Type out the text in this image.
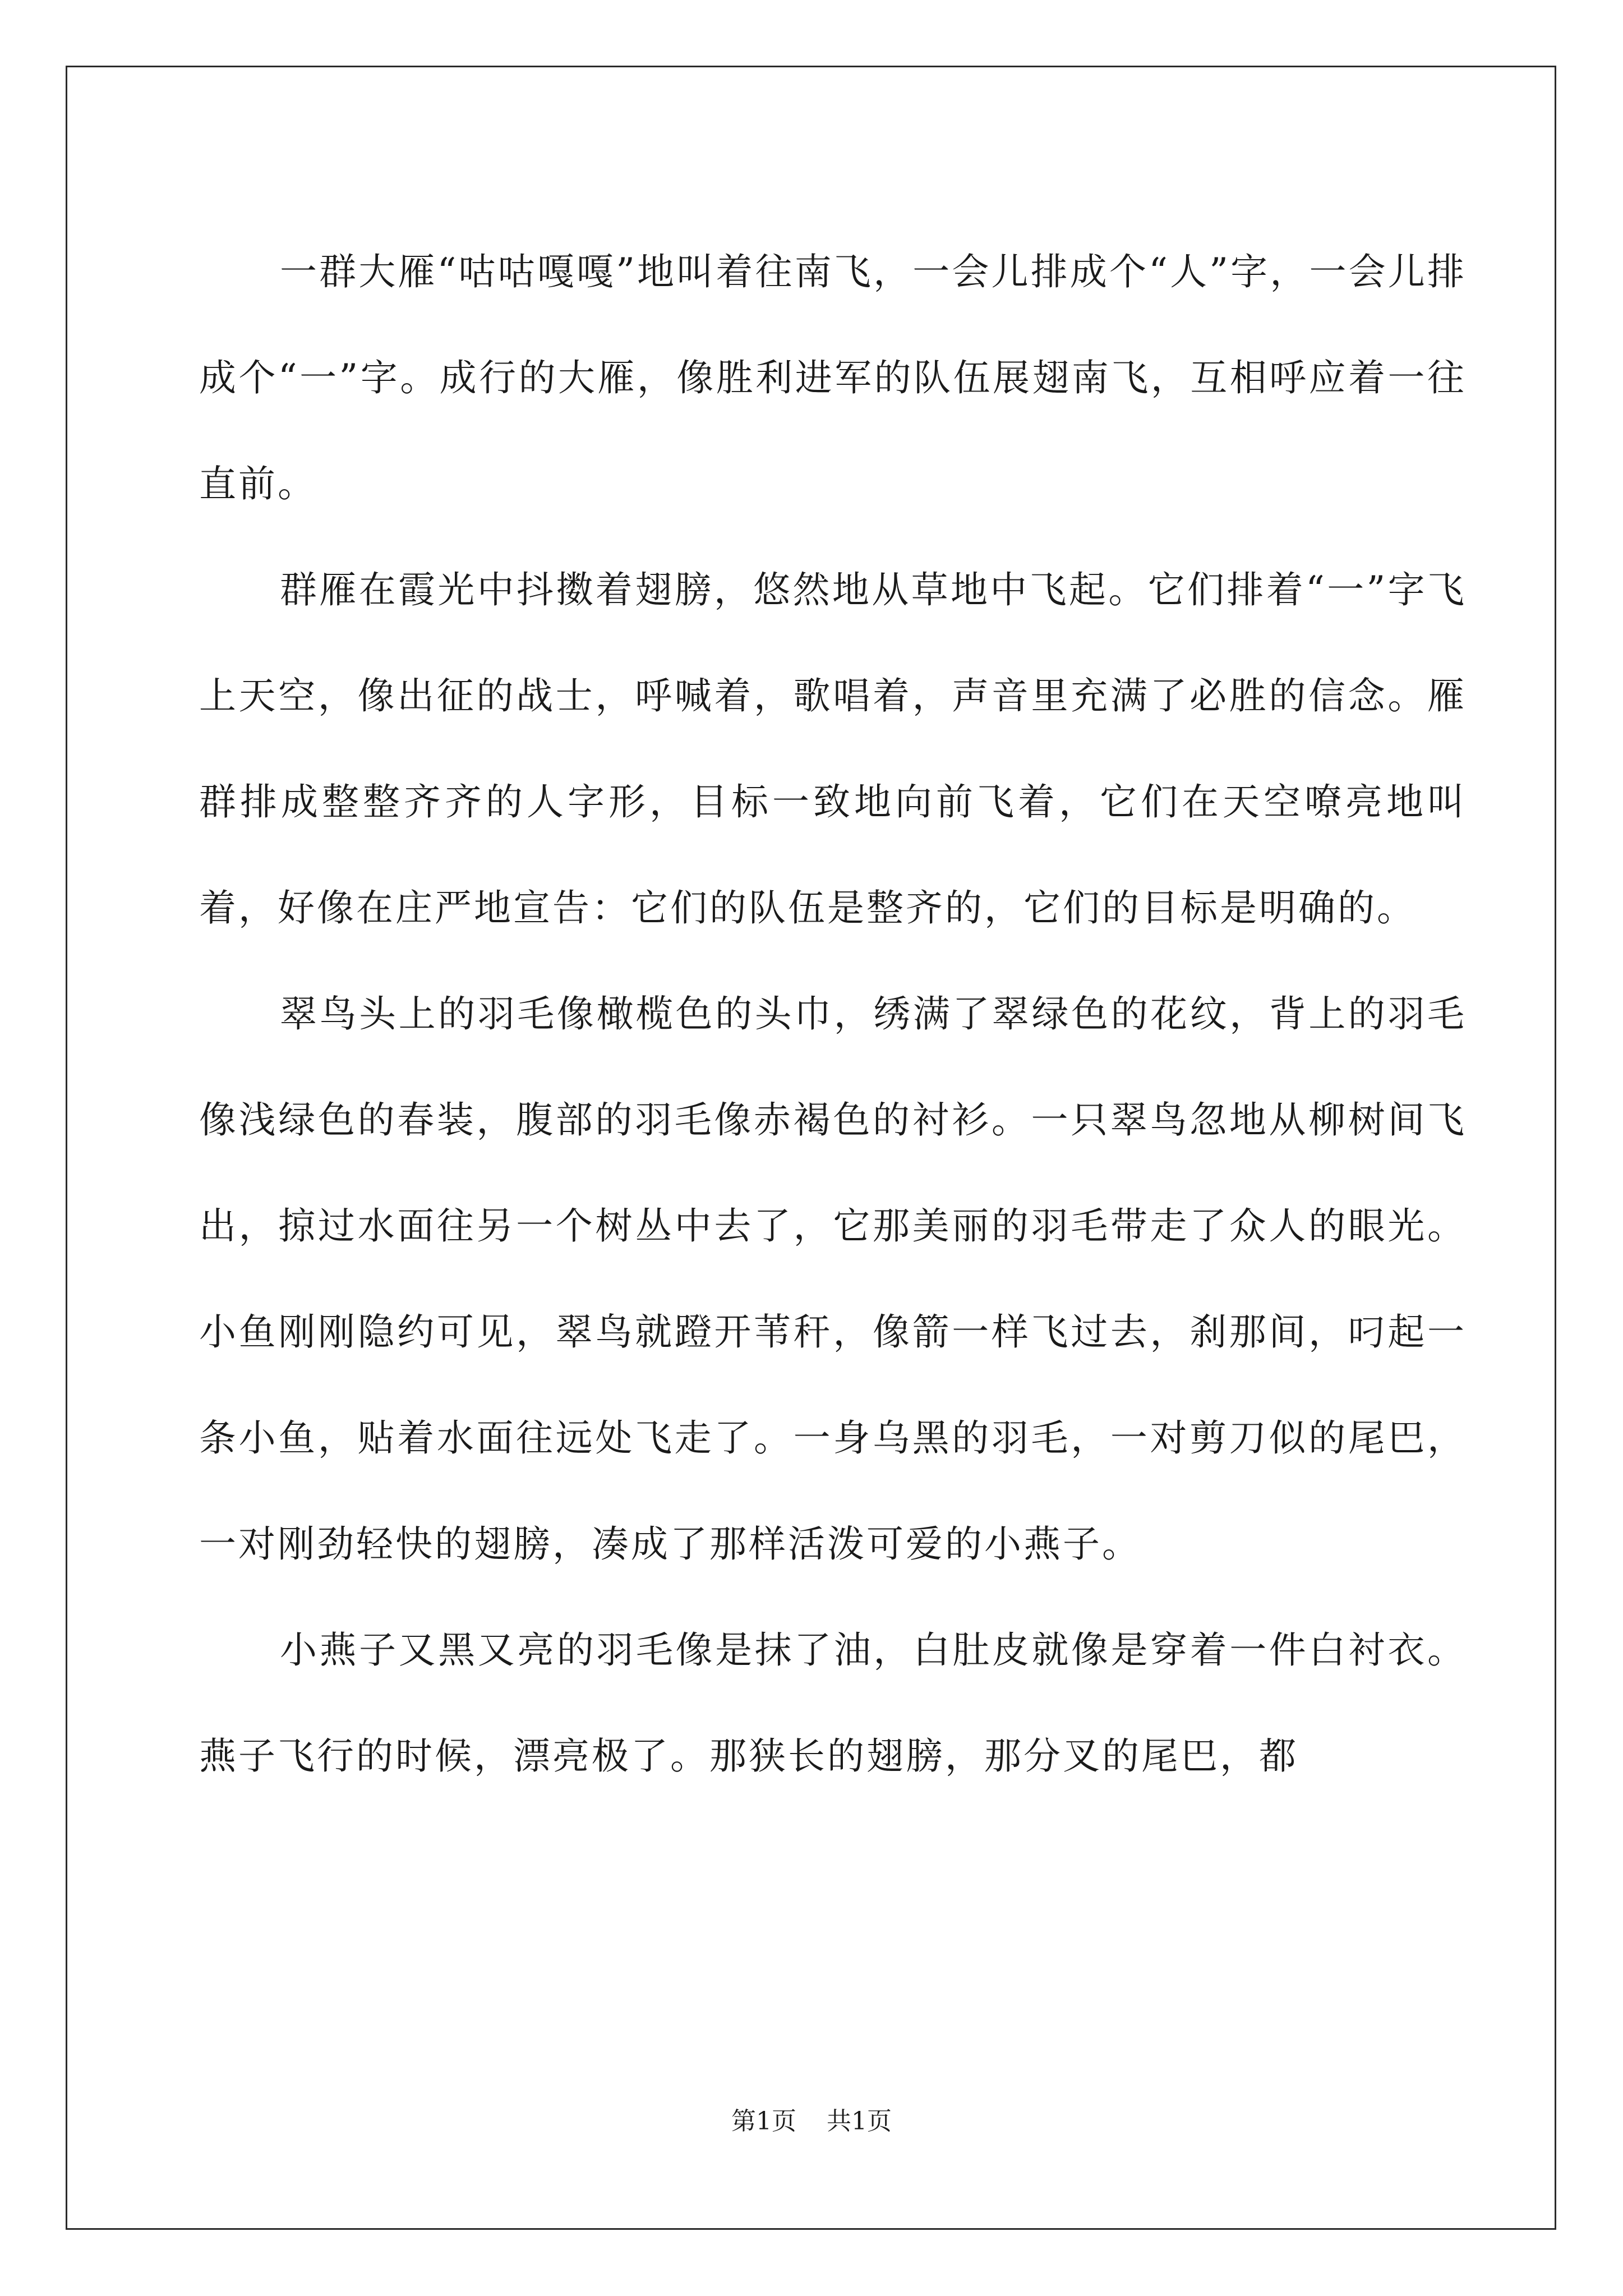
一群大雁“咕咕嘎嘎”地叫着往南飞，一会儿排成个“人”字，一会儿排成个“一”字。成行的大雁，像胜利进军的队伍展翅南飞，互相呼应着一往直前。

群雁在霞光中抖擞着翅膀，悠然地从草地中飞起。它们排着“一”字飞上天空，像出征的战士，呼喊着，歌唱着，声音里充满了必胜的信念。雁群排成整整齐齐的人字形，目标一致地向前飞着，它们在天空嘹亮地叫着，好像在庄严地宣告：它们的队伍是整齐的，它们的目标是明确的。

翠鸟头上的羽毛像橄榄色的头巾，绣满了翠绿色的花纹，背上的羽毛像浅绿色的春装，腹部的羽毛像赤褐色的衬衫。一只翠鸟忽地从柳树间飞出，掠过水面往另一个树丛中去了，它那美丽的羽毛带走了众人的眼光。小鱼刚刚隐约可见，翠鸟就蹬开苇秆，像箭一样飞过去，刹那间，叼起一条小鱼，贴着水面往远处飞走了。一身乌黑的羽毛，一对剪刀似的尾巴，一对刚劲轻快的翅膀，凑成了那样活泼可爱的小燕子。

小燕子又黑又亮的羽毛像是抹了油，白肚皮就像是穿着一件白衬衣。燕子飞行的时候，漂亮极了。那狭长的翅膀，那分叉的尾巴，都

第1页 共1页
